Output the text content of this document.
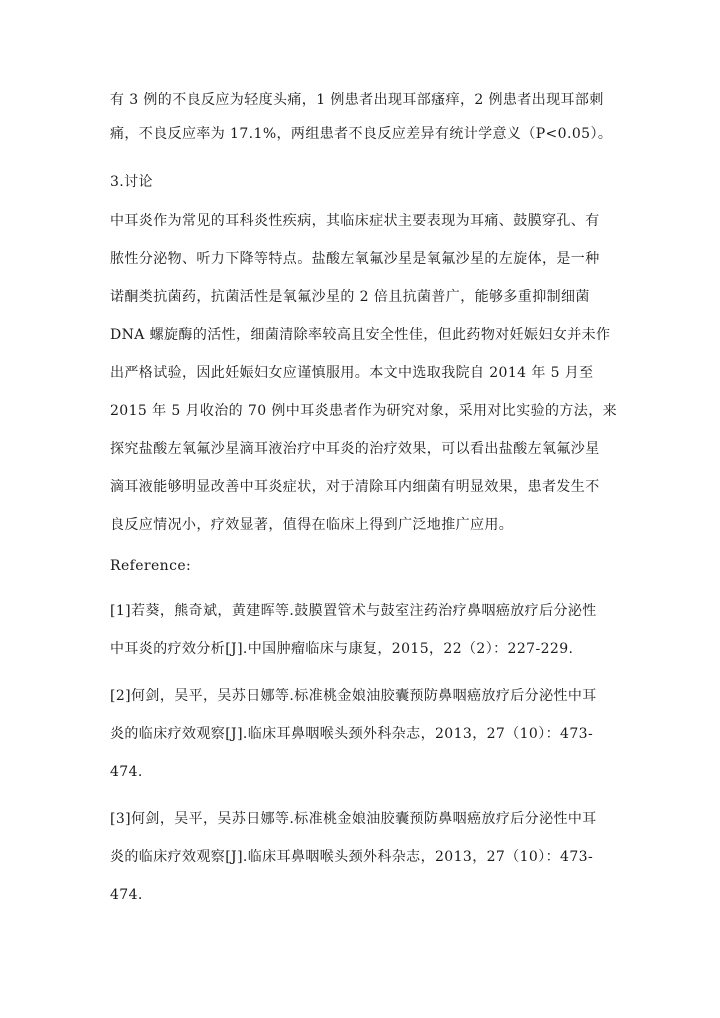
有 3 例的不良反应为轻度头痛，1 例患者出现耳部瘙痒，2 例患者出现耳部刺
痛，不良反应率为 17.1%，两组患者不良反应差异有统计学意义（P<0.05）。
3.讨论
中耳炎作为常见的耳科炎性疾病，其临床症状主要表现为耳痛、鼓膜穿孔、有
脓性分泌物、听力下降等特点。盐酸左氧氟沙星是氧氟沙星的左旋体，是一种
诺酮类抗菌药，抗菌活性是氧氟沙星的 2 倍且抗菌普广，能够多重抑制细菌
DNA 螺旋酶的活性，细菌清除率较高且安全性佳，但此药物对妊娠妇女并未作
出严格试验，因此妊娠妇女应谨慎服用。本文中选取我院自 2014 年 5 月至
2015 年 5 月收治的 70 例中耳炎患者作为研究对象，采用对比实验的方法，来
探究盐酸左氧氟沙星滴耳液治疗中耳炎的治疗效果，可以看出盐酸左氧氟沙星
滴耳液能够明显改善中耳炎症状，对于清除耳内细菌有明显效果，患者发生不
良反应情况小，疗效显著，值得在临床上得到广泛地推广应用。
Reference:
[1]若葵，熊奇斌，黄建晖等.鼓膜置管术与鼓室注药治疗鼻咽癌放疗后分泌性
中耳炎的疗效分析[J].中国肿瘤临床与康复，2015，22（2）：227-229.
[2]何剑，吴平，吴苏日娜等.标准桃金娘油胶囊预防鼻咽癌放疗后分泌性中耳
炎的临床疗效观察[J].临床耳鼻咽喉头颈外科杂志，2013，27（10）：473-
474.
[3]何剑，吴平，吴苏日娜等.标准桃金娘油胶囊预防鼻咽癌放疗后分泌性中耳
炎的临床疗效观察[J].临床耳鼻咽喉头颈外科杂志，2013，27（10）：473-
474.
